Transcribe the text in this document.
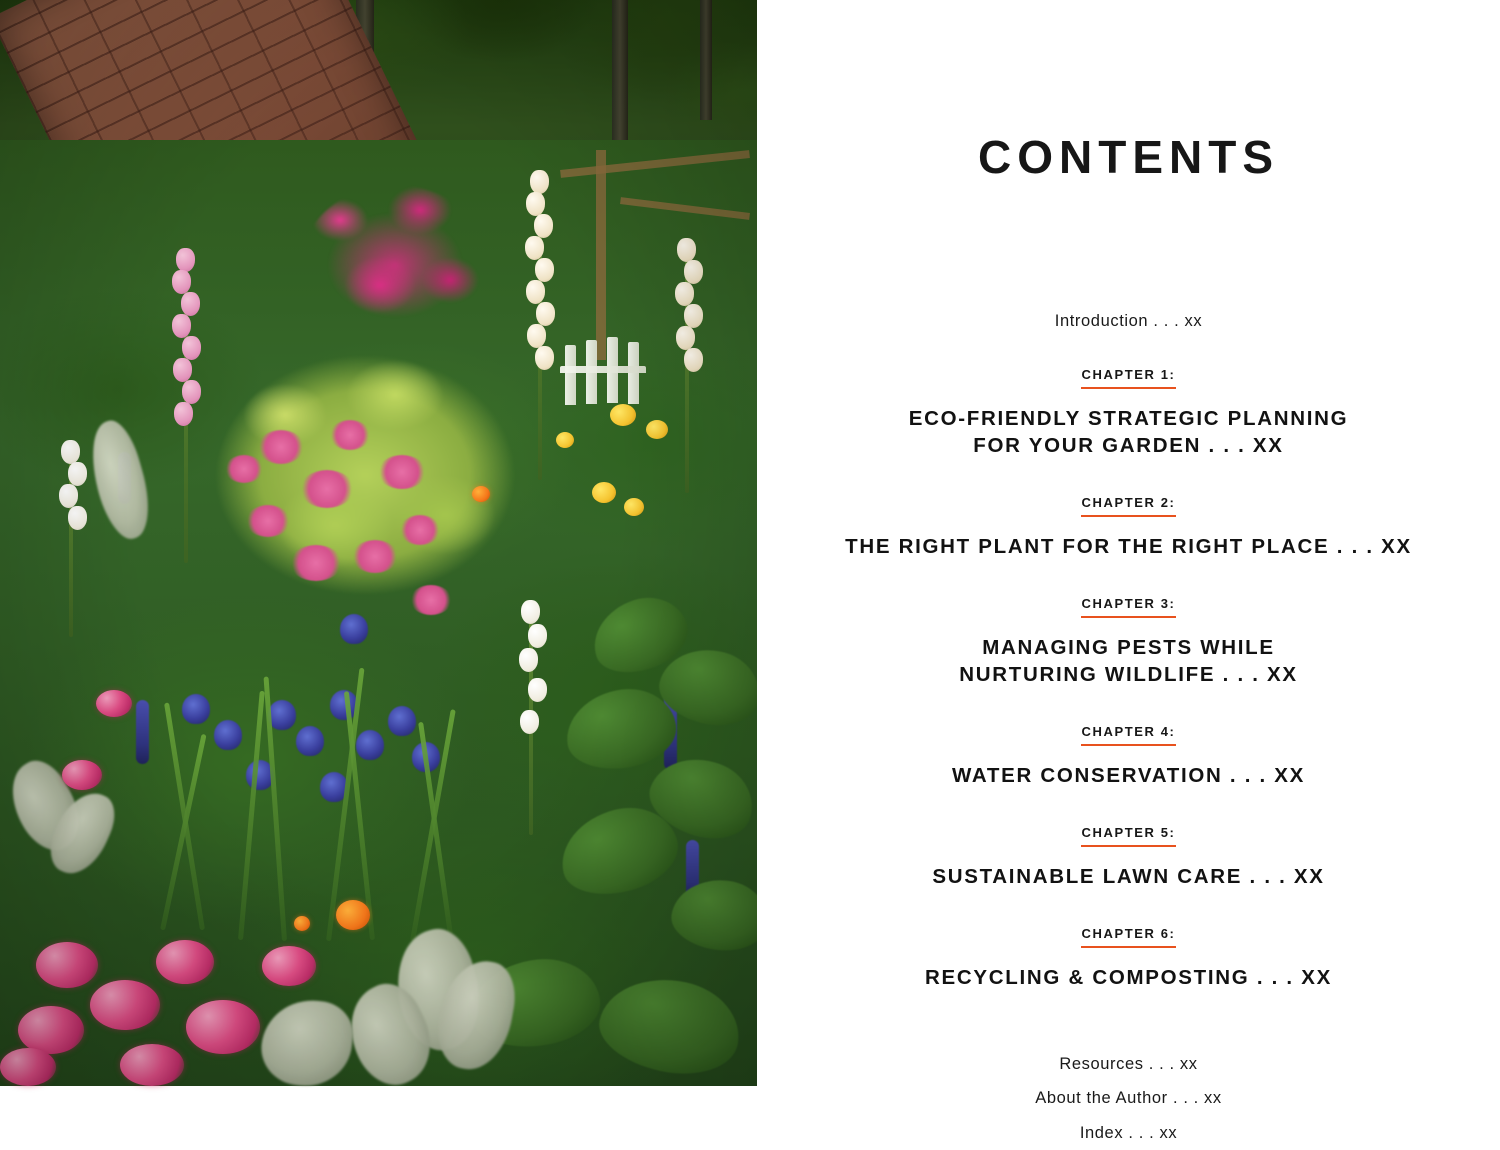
CONTENTS
Introduction . . . xx
CHAPTER 1:
ECO-FRIENDLY STRATEGIC PLANNING
FOR YOUR GARDEN . . . XX
CHAPTER 2:
THE RIGHT PLANT FOR THE RIGHT PLACE . . . XX
CHAPTER 3:
MANAGING PESTS WHILE
NURTURING WILDLIFE . . . XX
CHAPTER 4:
WATER CONSERVATION . . . XX
CHAPTER 5:
SUSTAINABLE LAWN CARE . . . XX
CHAPTER 6:
RECYCLING & COMPOSTING . . . XX
Resources . . . xx
About the Author . . . xx
Index . . . xx
